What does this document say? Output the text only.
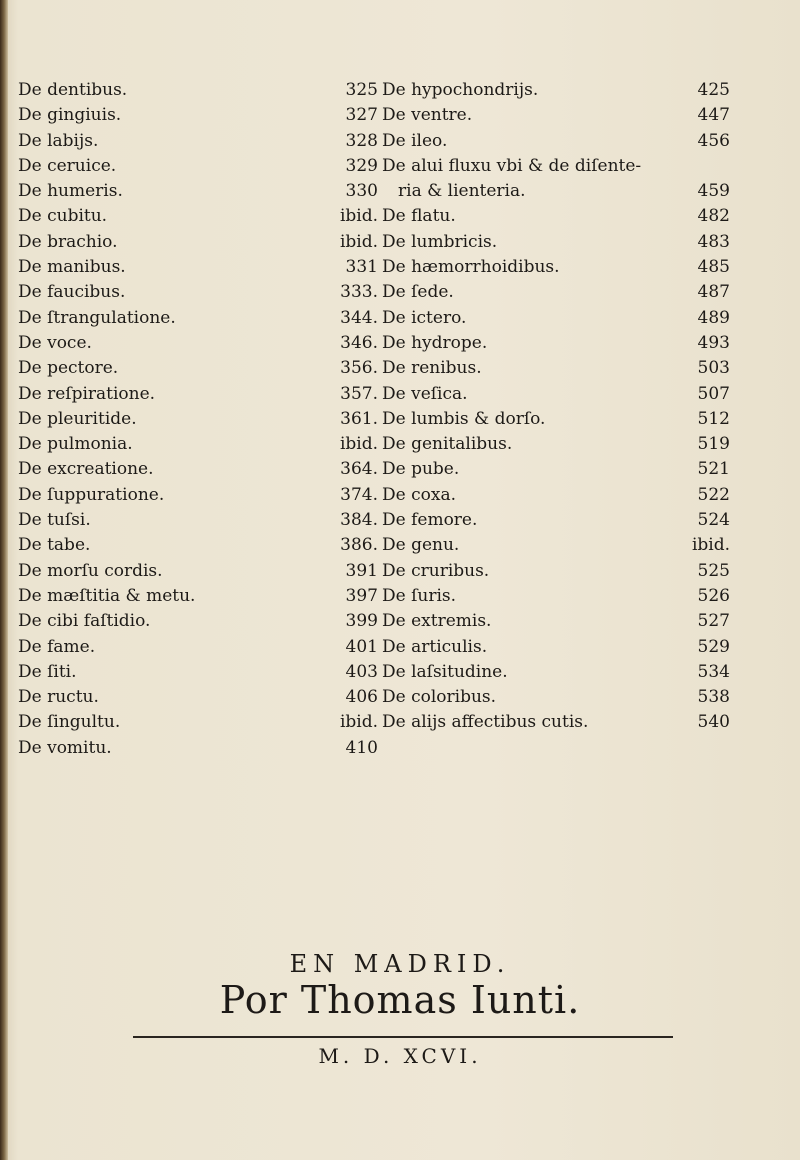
De dentibus.	325
De gingiuis.	327
De labijs.	328
De ceruice.	329
De humeris.	330
De cubitu.	ibid.
De brachio.	ibid.
De manibus.	331
De faucibus.	333.
De ſtrangulatione.	344.
De voce.	346.
De pectore.	356.
De reſpiratione.	357.
De pleuritide.	361.
De pulmonia.	ibid.
De excreatione.	364.
De ſuppuratione.	374.
De tuſsi.	384.
De tabe.	386.
De morſu cordis.	391
De mæſtitia & metu.	397
De cibi faſtidio.	399
De fame.	401
De ſiti.	403
De ructu.	406
De ſingultu.	ibid.
De vomitu.	410
De hypochondrijs.	425
De ventre.	447
De ileo.	456
De alui fluxu vbi & de diſente-
ria & lienteria.	459
De flatu.	482
De lumbricis.	483
De hæmorrhoidibus.	485
De ſede.	487
De ictero.	489
De hydrope.	493
De renibus.	503
De veſica.	507
De lumbis & dorſo.	512
De genitalibus.	519
De pube.	521
De coxa.	522
De femore.	524
De genu.	ibid.
De cruribus.	525
De ſuris.	526
De extremis.	527
De articulis.	529
De laſsitudine.	534
De coloribus.	538
De alijs affectibus cutis.	540
EN MADRID.
Por Thomas Iunti.
M. D. XCVI.
